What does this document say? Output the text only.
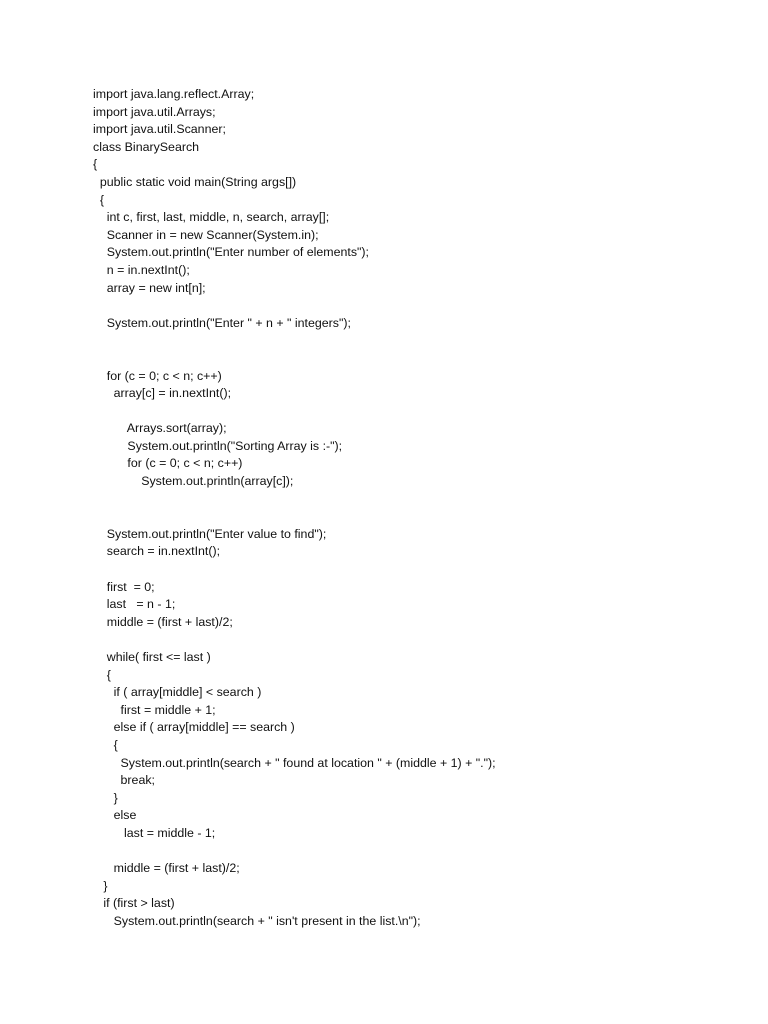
import java.lang.reflect.Array;
import java.util.Arrays;
import java.util.Scanner;
class BinarySearch
{
public static void main(String args[])
{
int c, first, last, middle, n, search, array[];
Scanner in = new Scanner(System.in);
System.out.println("Enter number of elements");
n = in.nextInt();
array = new int[n];
System.out.println("Enter " + n + " integers");
for (c = 0; c < n; c++)
array[c] = in.nextInt();
Arrays.sort(array);
System.out.println("Sorting Array is :-");
for (c = 0; c < n; c++)
System.out.println(array[c]);
System.out.println("Enter value to find");
search = in.nextInt();
first  = 0;
last   = n - 1;
middle = (first + last)/2;
while( first <= last )
{
if ( array[middle] < search )
first = middle + 1;
else if ( array[middle] == search )
{
System.out.println(search + " found at location " + (middle + 1) + ".");
break;
}
else
last = middle - 1;
middle = (first + last)/2;
}
if (first > last)
System.out.println(search + " isn't present in the list.\n");
